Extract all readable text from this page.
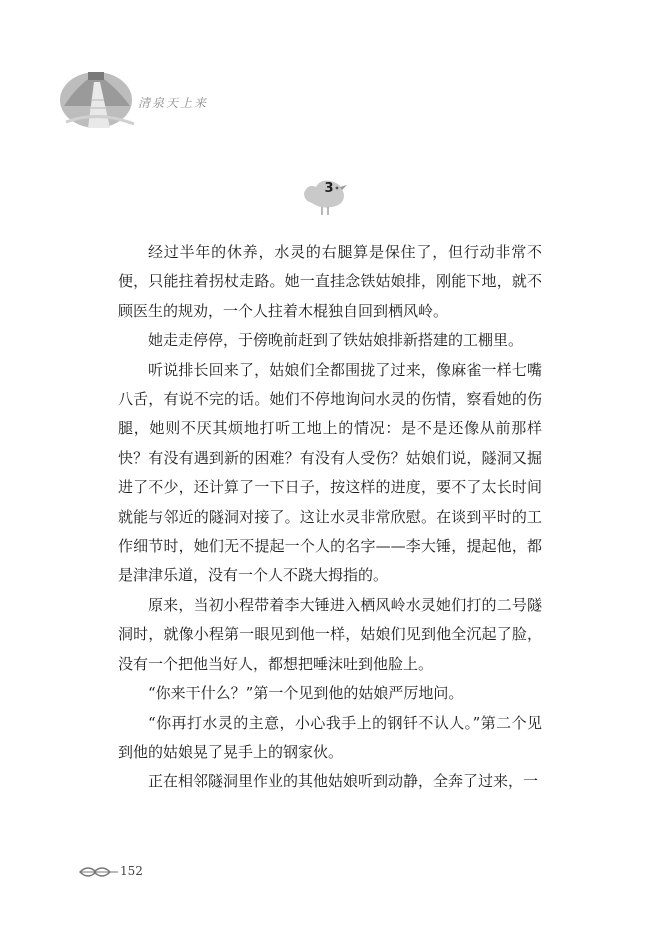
清泉天上来
3

经过半年的休养，水灵的右腿算是保住了，但行动非常不便，只能拄着拐杖走路。她一直挂念铁姑娘排，刚能下地，就不顾医生的规劝，一个人拄着木棍独自回到栖风岭。

她走走停停，于傍晚前赶到了铁姑娘排新搭建的工棚里。

听说排长回来了，姑娘们全都围拢了过来，像麻雀一样七嘴八舌，有说不完的话。她们不停地询问水灵的伤情，察看她的伤腿，她则不厌其烦地打听工地上的情况：是不是还像从前那样快？有没有遇到新的困难？有没有人受伤？姑娘们说，隧洞又掘进了不少，还计算了一下日子，按这样的进度，要不了太长时间就能与邻近的隧洞对接了。这让水灵非常欣慰。在谈到平时的工作细节时，她们无不提起一个人的名字——李大锤，提起他，都是津津乐道，没有一个人不跷大拇指的。

原来，当初小程带着李大锤进入栖风岭水灵她们打的二号隧洞时，就像小程第一眼见到他一样，姑娘们见到他全沉起了脸，没有一个把他当好人，都想把唾沫吐到他脸上。

“你来干什么？”第一个见到他的姑娘严厉地问。

“你再打水灵的主意，小心我手上的钢钎不认人。”第二个见到他的姑娘晃了晃手上的钢家伙。

正在相邻隧洞里作业的其他姑娘听到动静，全奔了过来，一

152
